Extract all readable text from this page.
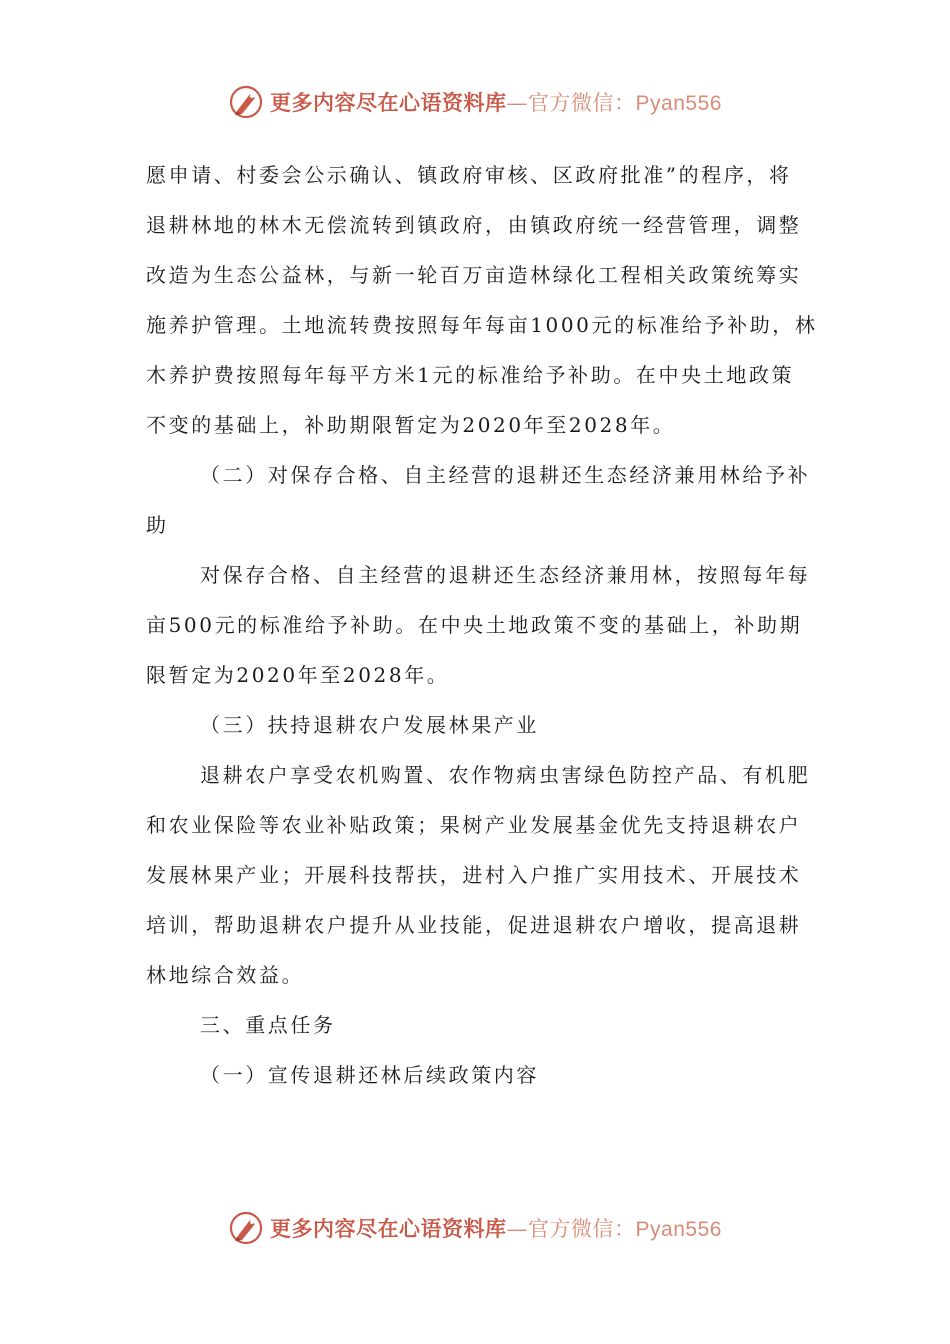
更多内容尽在心语资料库—官方微信：Pyan556

愿申请、村委会公示确认、镇政府审核、区政府批准”的程序，将
退耕林地的林木无偿流转到镇政府，由镇政府统一经营管理，调整
改造为生态公益林，与新一轮百万亩造林绿化工程相关政策统筹实
施养护管理。土地流转费按照每年每亩1000元的标准给予补助，林
木养护费按照每年每平方米1元的标准给予补助。在中央土地政策
不变的基础上，补助期限暂定为2020年至2028年。

（二）对保存合格、自主经营的退耕还生态经济兼用林给予补
助

对保存合格、自主经营的退耕还生态经济兼用林，按照每年每
亩500元的标准给予补助。在中央土地政策不变的基础上，补助期
限暂定为2020年至2028年。

（三）扶持退耕农户发展林果产业

退耕农户享受农机购置、农作物病虫害绿色防控产品、有机肥
和农业保险等农业补贴政策；果树产业发展基金优先支持退耕农户
发展林果产业；开展科技帮扶，进村入户推广实用技术、开展技术
培训，帮助退耕农户提升从业技能，促进退耕农户增收，提高退耕
林地综合效益。

三、重点任务

（一）宣传退耕还林后续政策内容

更多内容尽在心语资料库—官方微信：Pyan556
